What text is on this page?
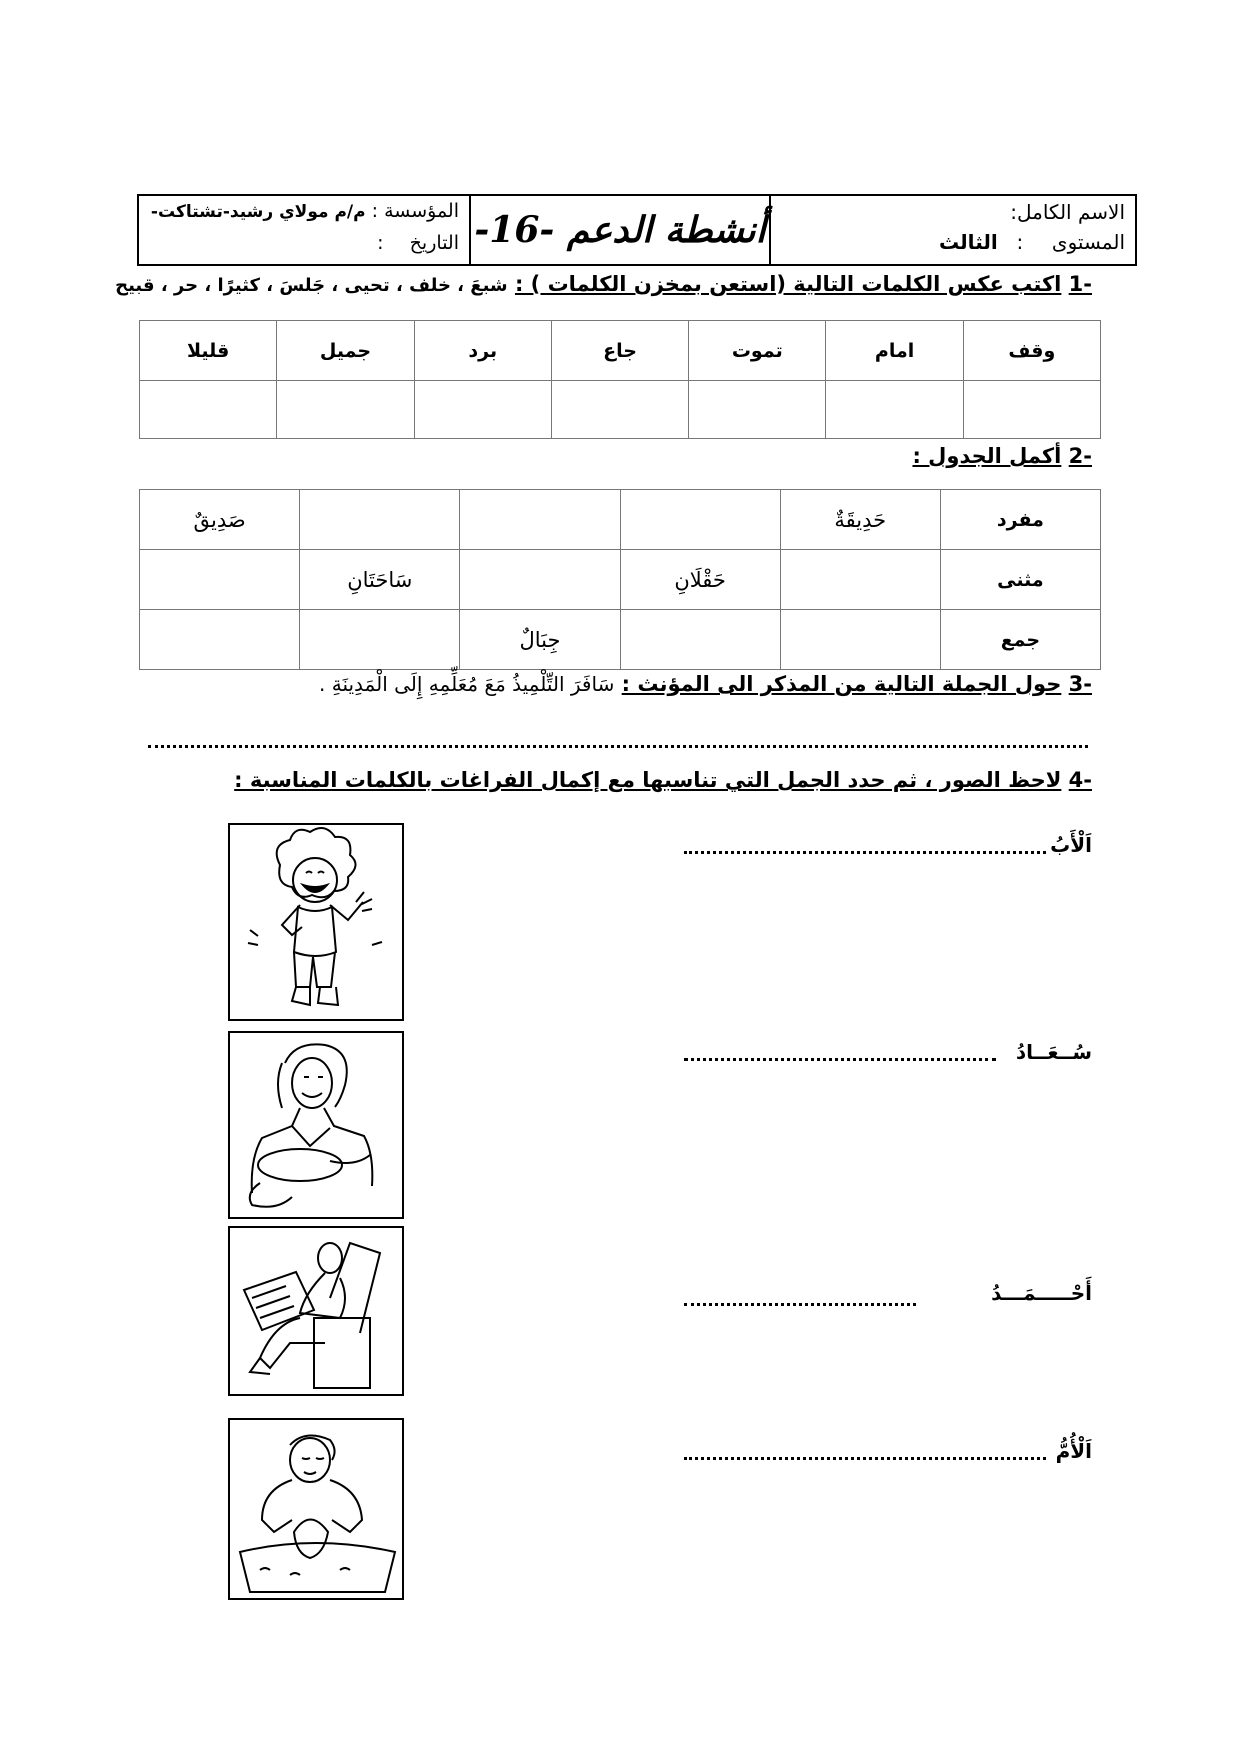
الاسم الكامل:
المستوى  :  الثالث
أنشطة الدعم -16-
المؤسسة : م/م مولاي رشيد-تشتاكت-
التاريخ  :
1- اكتب عكس الكلمات التالية (استعن بمخزن الكلمات ) : شبعَ ، خلف ، تحيى ، جَلسَ ، كثيرًا ، حر ، قبيح
وقف	امام	تموت	جاع	برد	جميل	قليلا

2- أكمل الجدول :
مفرد	حَدِيقَةٌ				صَدِيقٌ
مثنى		حَقْلَانِ		سَاحَتَانِ	
جمع			جِبَالٌ		
3- حول الجملة التالية من المذكر الى المؤنث : سَافَرَ التِّلْمِيذُ مَعَ مُعَلِّمِهِ إِلَى الْمَدِينَةِ .
4- لاحظ الصور ، ثم حدد الجمل التي تناسبها مع إكمال الفراغات بالكلمات المناسبة :
اَلْأَبُ
سُــعَــادُ
أَحْـــــمَـــدُ
اَلْأُمُّ
